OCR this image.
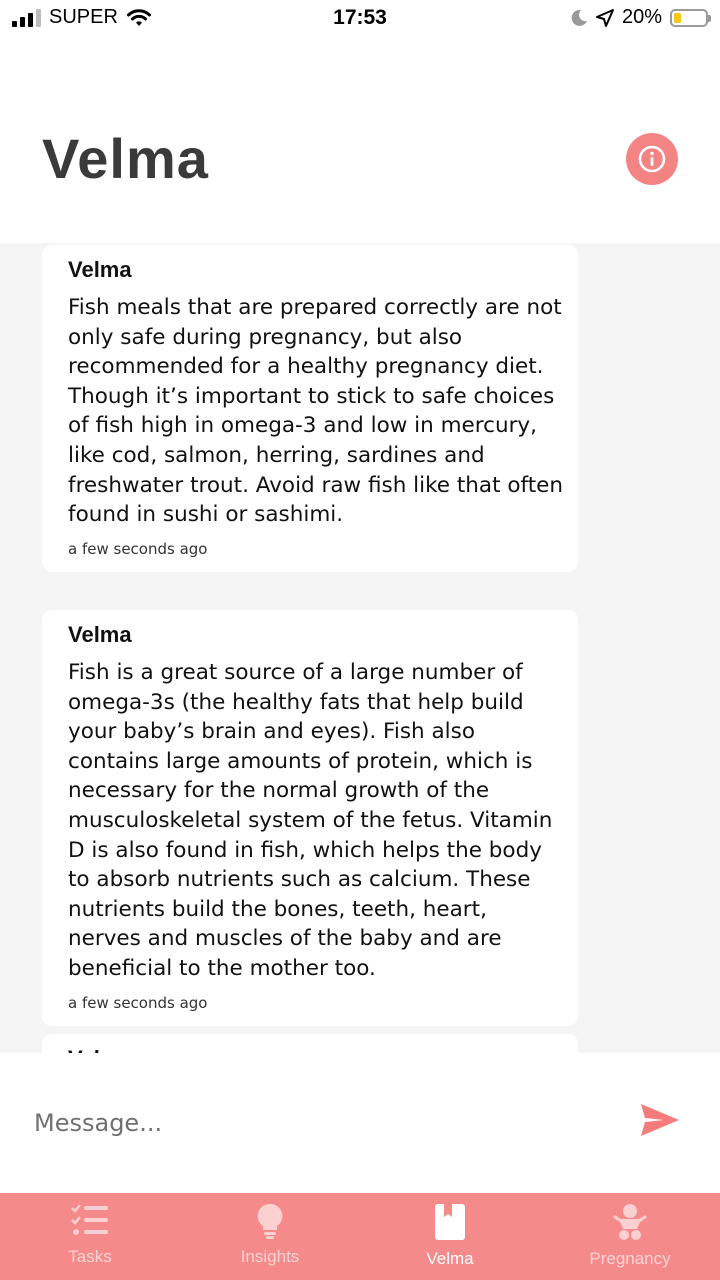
SUPER	17:53	20%
Velma
Velma
Fish meals that are prepared correctly are not only safe during pregnancy, but also recommended for a healthy pregnancy diet. Though it’s important to stick to safe choices of fish high in omega-3 and low in mercury, like cod, salmon, herring, sardines and freshwater trout. Avoid raw fish like that often found in sushi or sashimi.
a few seconds ago
Velma
Fish is a great source of a large number of omega-3s (the healthy fats that help build your baby’s brain and eyes). Fish also contains large amounts of protein, which is necessary for the normal growth of the musculoskeletal system of the fetus. Vitamin D is also found in fish, which helps the body to absorb nutrients such as calcium. These nutrients build the bones, teeth, heart, nerves and muscles of the baby and are beneficial to the mother too.
a few seconds ago
Message...
Tasks	Insights	Velma	Pregnancy
